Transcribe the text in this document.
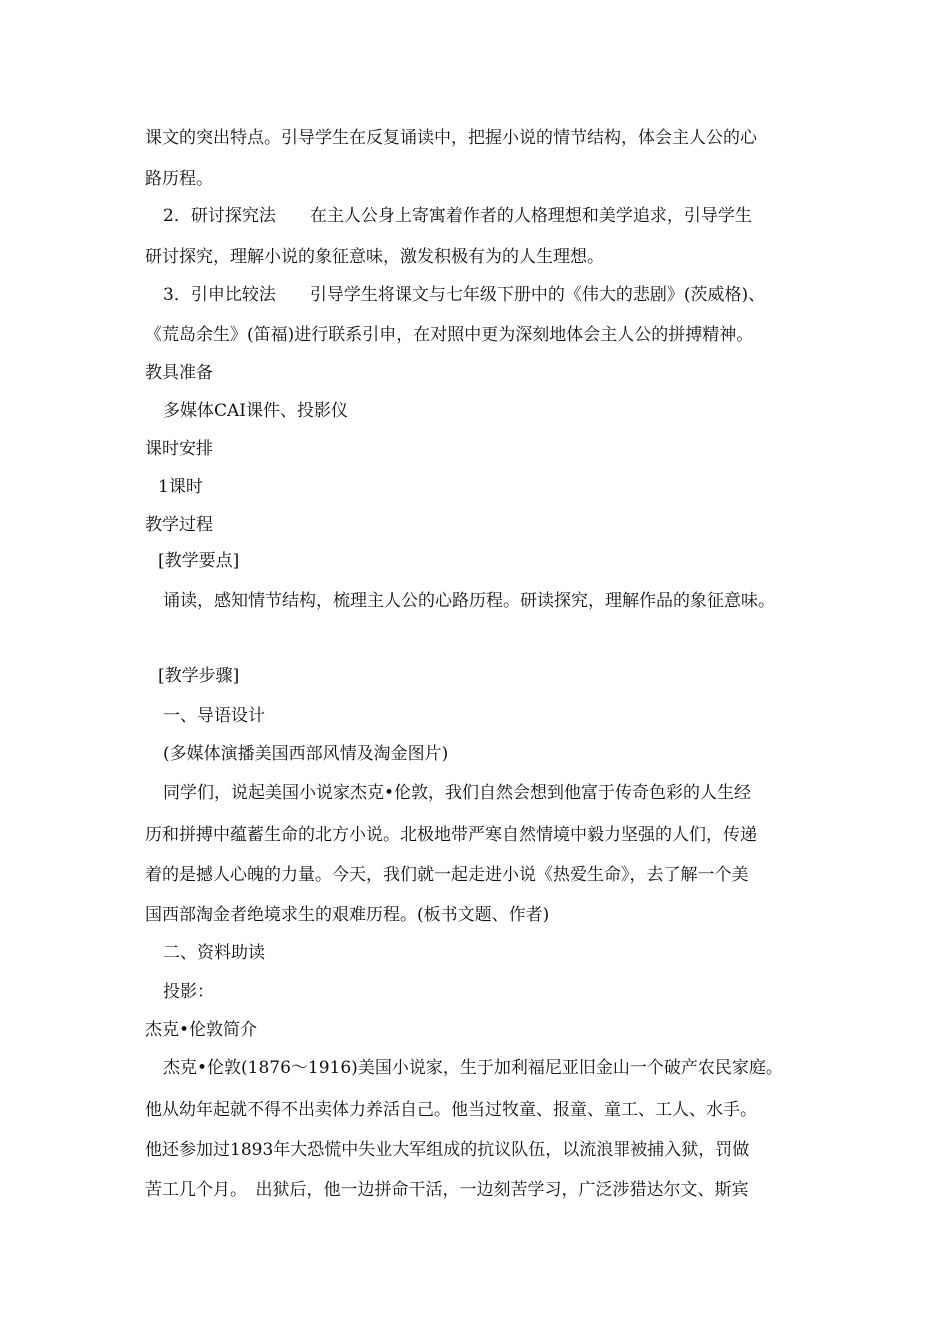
课文的突出特点。引导学生在反复诵读中，把握小说的情节结构，体会主人公的心
路历程。
2．研讨探究法　　在主人公身上寄寓着作者的人格理想和美学追求，引导学生
研讨探究，理解小说的象征意味，激发积极有为的人生理想。
3．引申比较法　　引导学生将课文与七年级下册中的《伟大的悲剧》(茨威格)、
《荒岛余生》(笛福)进行联系引申，在对照中更为深刻地体会主人公的拼搏精神。
教具准备
多媒体CAI课件、投影仪
课时安排
1课时
教学过程
[教学要点]
诵读，感知情节结构，梳理主人公的心路历程。研读探究，理解作品的象征意味。
[教学步骤]
一、导语设计
(多媒体演播美国西部风情及淘金图片)
同学们，说起美国小说家杰克•伦敦，我们自然会想到他富于传奇色彩的人生经
历和拼搏中蕴蓄生命的北方小说。北极地带严寒自然情境中毅力坚强的人们，传递
着的是撼人心魄的力量。今天，我们就一起走进小说《热爱生命》，去了解一个美
国西部淘金者绝境求生的艰难历程。(板书文题、作者)
二、资料助读
投影：
杰克•伦敦简介
杰克•伦敦(1876～1916)美国小说家，生于加利福尼亚旧金山一个破产农民家庭。
他从幼年起就不得不出卖体力养活自己。他当过牧童、报童、童工、工人、水手。
他还参加过1893年大恐慌中失业大军组成的抗议队伍，以流浪罪被捕入狱，罚做
苦工几个月。　出狱后，他一边拼命干活，一边刻苦学习，广泛涉猎达尔文、斯宾
